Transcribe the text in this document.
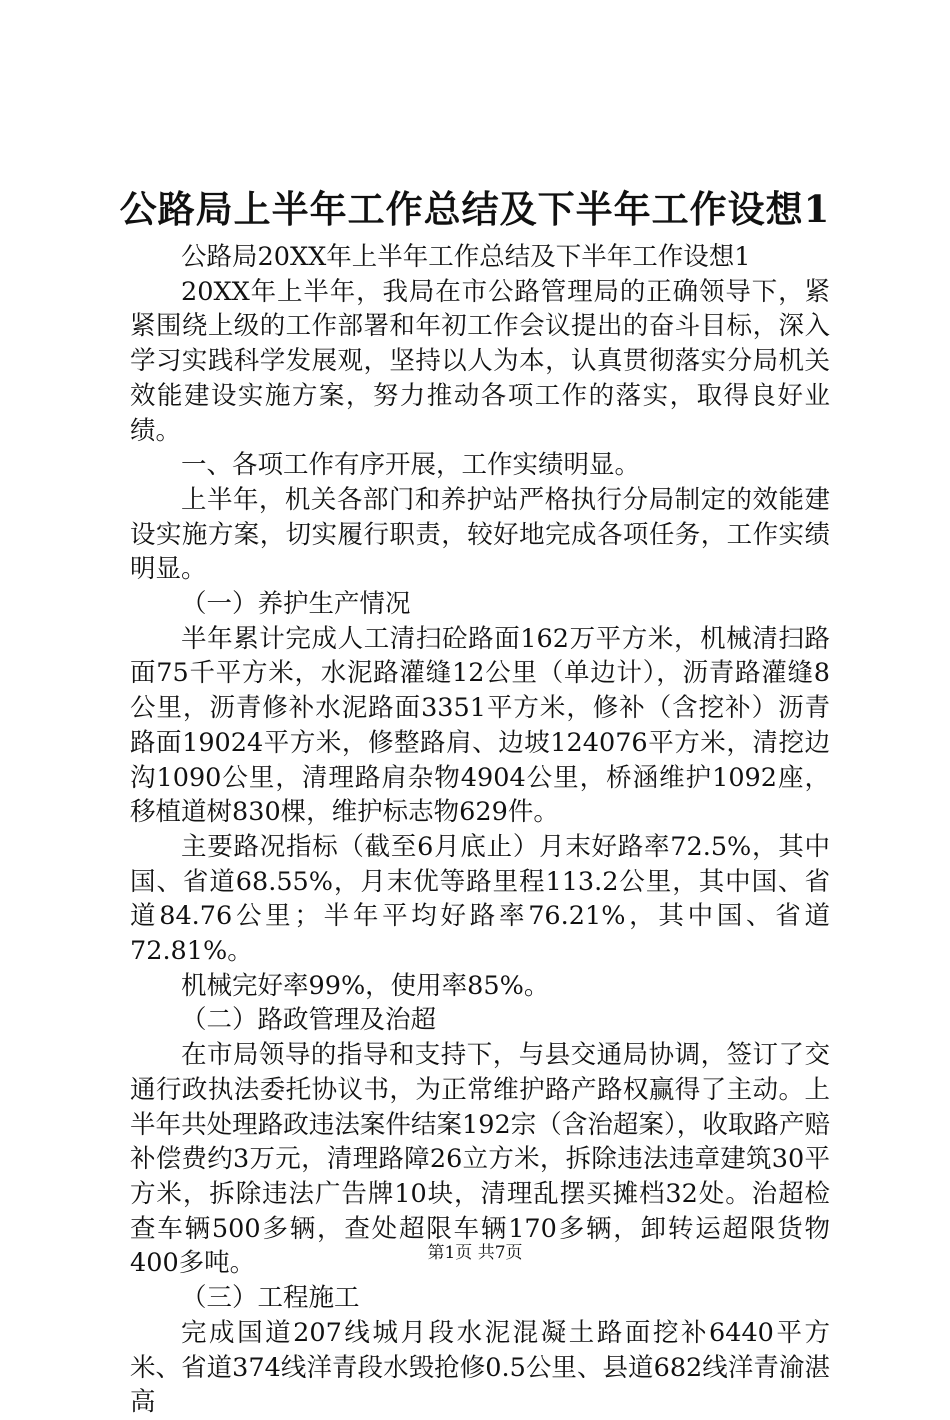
公路局上半年工作总结及下半年工作设想1

公路局20XX年上半年工作总结及下半年工作设想1

20XX年上半年，我局在市公路管理局的正确领导下，紧紧围绕上级的工作部署和年初工作会议提出的奋斗目标，深入学习实践科学发展观，坚持以人为本，认真贯彻落实分局机关效能建设实施方案，努力推动各项工作的落实，取得良好业绩。

一、各项工作有序开展，工作实绩明显。

上半年，机关各部门和养护站严格执行分局制定的效能建设实施方案，切实履行职责，较好地完成各项任务，工作实绩明显。

（一）养护生产情况

半年累计完成人工清扫砼路面162万平方米，机械清扫路面75千平方米，水泥路灌缝12公里（单边计），沥青路灌缝8公里，沥青修补水泥路面3351平方米，修补（含挖补）沥青路面19024平方米，修整路肩、边坡124076平方米，清挖边沟1090公里，清理路肩杂物4904公里，桥涵维护1092座，移植道树830棵，维护标志物629件。

主要路况指标（截至6月底止）月末好路率72.5%，其中国、省道68.55%，月末优等路里程113.2公里，其中国、省道84.76公里；半年平均好路率76.21%，其中国、省道72.81%。

机械完好率99%，使用率85%。

（二）路政管理及治超

在市局领导的指导和支持下，与县交通局协调，签订了交通行政执法委托协议书，为正常维护路产路权赢得了主动。上半年共处理路政违法案件结案192宗（含治超案），收取路产赔补偿费约3万元，清理路障26立方米，拆除违法违章建筑30平方米，拆除违法广告牌10块，清理乱摆买摊档32处。治超检查车辆500多辆，查处超限车辆170多辆，卸转运超限货物400多吨。

（三）工程施工

完成国道207线城月段水泥混凝土路面挖补6440平方米、省道374线洋青段水毁抢修0.5公里、县道682线洋青渝湛高

第1页 共7页
